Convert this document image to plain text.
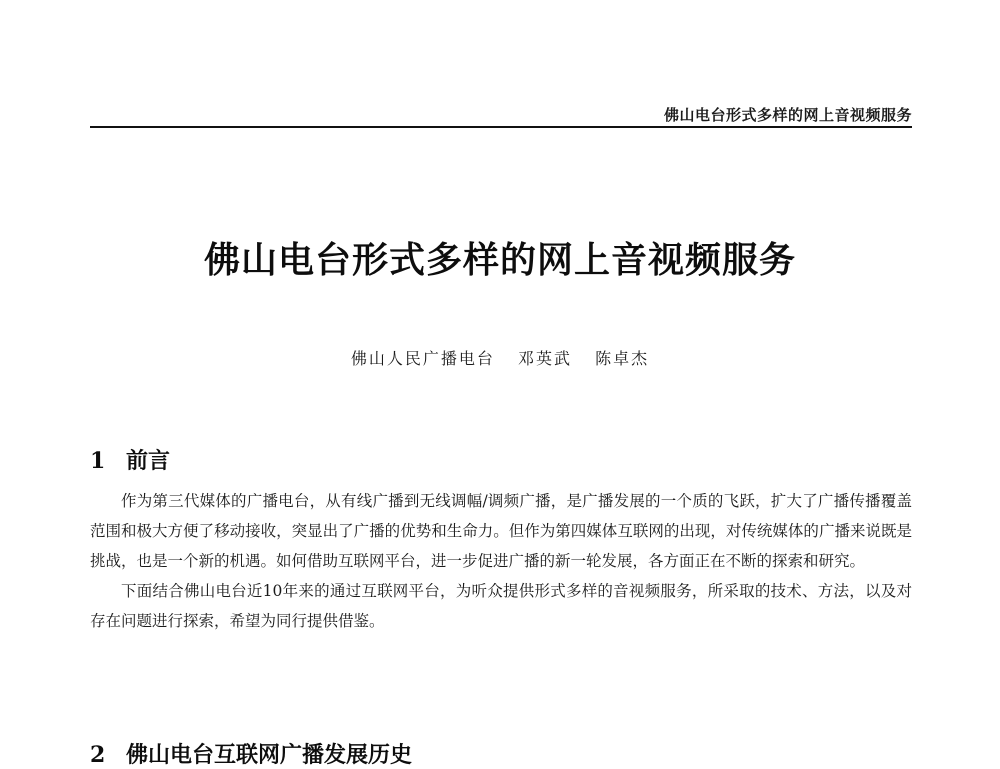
佛山电台形式多样的网上音视频服务
佛山电台形式多样的网上音视频服务
佛山人民广播电台 邓英武 陈卓杰
1 前言

作为第三代媒体的广播电台，从有线广播到无线调幅/调频广播，是广播发展的一个质的飞跃，扩大了广播传播覆盖范围和极大方便了移动接收，突显出了广播的优势和生命力。但作为第四媒体互联网的出现，对传统媒体的广播来说既是挑战，也是一个新的机遇。如何借助互联网平台，进一步促进广播的新一轮发展，各方面正在不断的探索和研究。

下面结合佛山电台近10年来的通过互联网平台，为听众提供形式多样的音视频服务，所采取的技术、方法，以及对存在问题进行探索，希望为同行提供借鉴。

2 佛山电台互联网广播发展历史
